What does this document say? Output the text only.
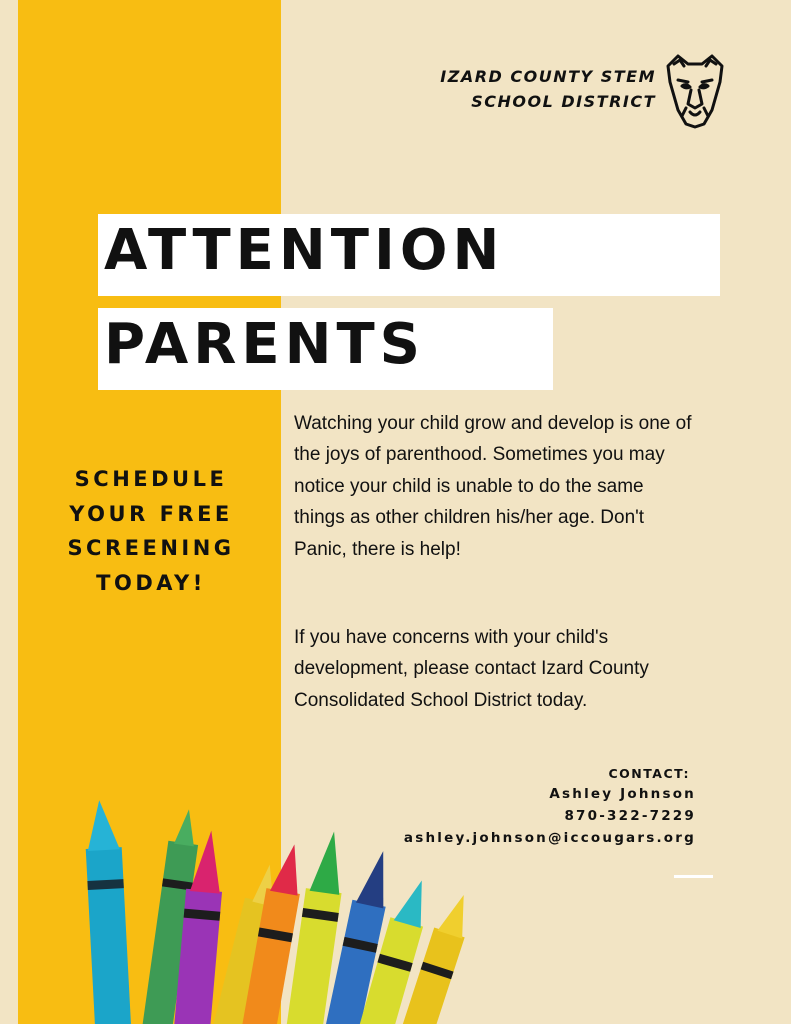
IZARD COUNTY STEM
SCHOOL DISTRICT
ATTENTION
PARENTS
SCHEDULE
YOUR FREE
SCREENING
TODAY!
Watching your child grow and develop is one of the joys of parenthood. Sometimes you may notice your child is unable to do the same things as other children his/her age. Don't Panic, there is help!
If you have concerns with your child's development, please contact Izard County Consolidated School District today.
CONTACT:
Ashley Johnson
870-322-7229
ashley.johnson@iccougars.org
